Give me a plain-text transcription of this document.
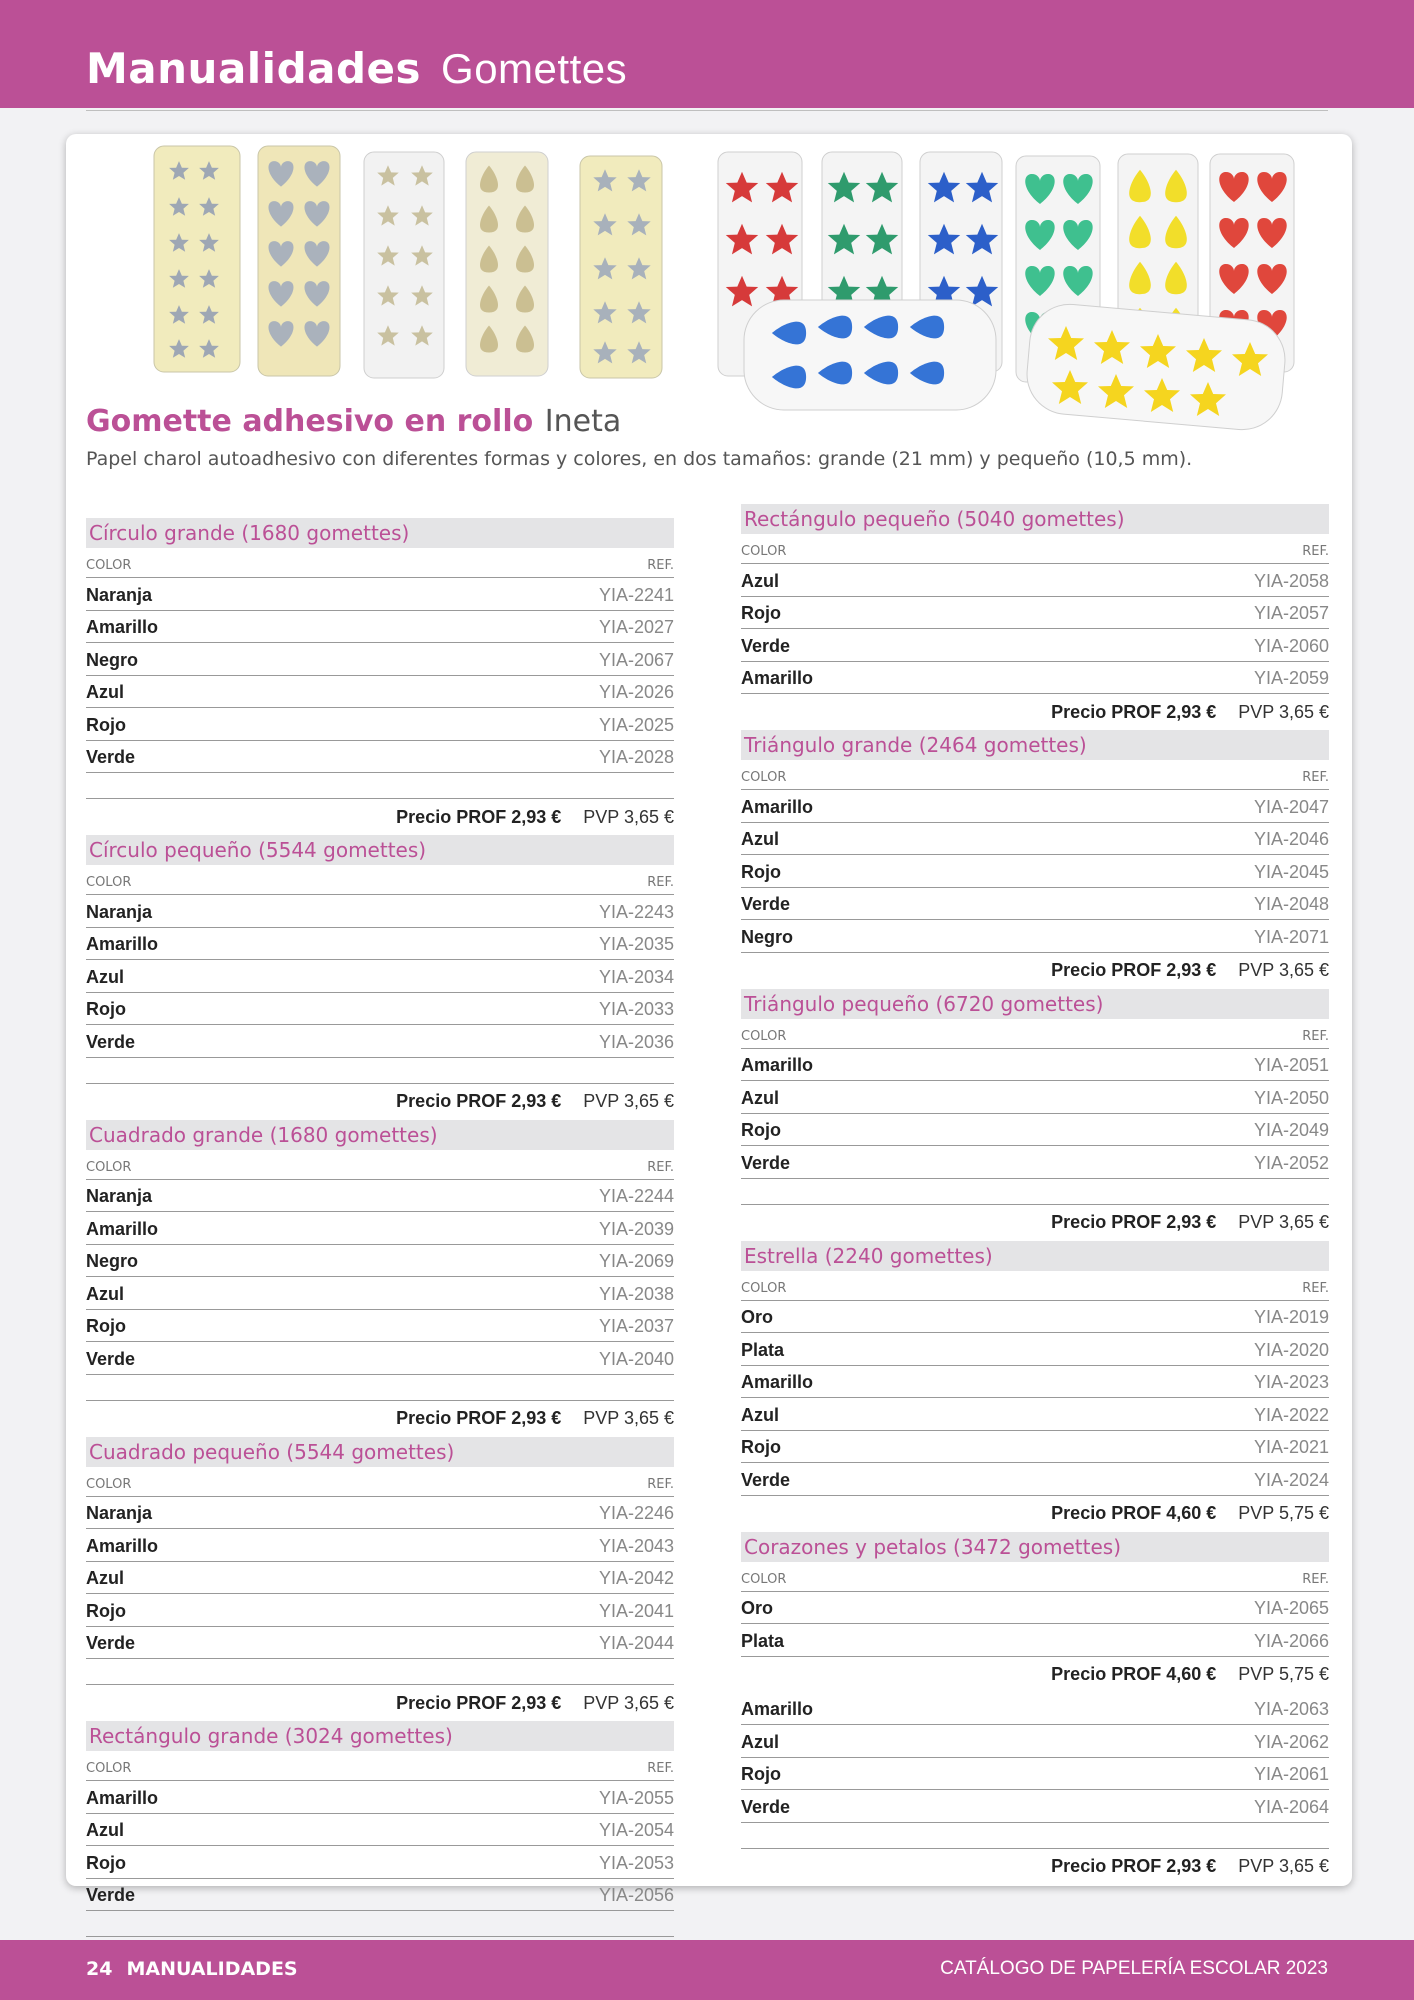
Manualidades Gomettes
Gomette adhesivo en rollo Ineta
Papel charol autoadhesivo con diferentes formas y colores, en dos tamaños: grande (21 mm) y pequeño (10,5 mm).
Círculo grande (1680 gomettes)
COLOR	REF.
Naranja	YIA-2241
Amarillo	YIA-2027
Negro	YIA-2067
Azul	YIA-2026
Rojo	YIA-2025
Verde	YIA-2028
Precio PROF 2,93 € PVP 3,65 €
Círculo pequeño (5544 gomettes)
COLOR	REF.
Naranja	YIA-2243
Amarillo	YIA-2035
Azul	YIA-2034
Rojo	YIA-2033
Verde	YIA-2036
Precio PROF 2,93 € PVP 3,65 €
Cuadrado grande (1680 gomettes)
COLOR	REF.
Naranja	YIA-2244
Amarillo	YIA-2039
Negro	YIA-2069
Azul	YIA-2038
Rojo	YIA-2037
Verde	YIA-2040
Precio PROF 2,93 € PVP 3,65 €
Cuadrado pequeño (5544 gomettes)
COLOR	REF.
Naranja	YIA-2246
Amarillo	YIA-2043
Azul	YIA-2042
Rojo	YIA-2041
Verde	YIA-2044
Precio PROF 2,93 € PVP 3,65 €
Rectángulo grande (3024 gomettes)
COLOR	REF.
Amarillo	YIA-2055
Azul	YIA-2054
Rojo	YIA-2053
Verde	YIA-2056
Rectángulo pequeño (5040 gomettes)
COLOR	REF.
Azul	YIA-2058
Rojo	YIA-2057
Verde	YIA-2060
Amarillo	YIA-2059
Precio PROF 2,93 € PVP 3,65 €
Triángulo grande (2464 gomettes)
COLOR	REF.
Amarillo	YIA-2047
Azul	YIA-2046
Rojo	YIA-2045
Verde	YIA-2048
Negro	YIA-2071
Precio PROF 2,93 € PVP 3,65 €
Triángulo pequeño (6720 gomettes)
COLOR	REF.
Amarillo	YIA-2051
Azul	YIA-2050
Rojo	YIA-2049
Verde	YIA-2052
Precio PROF 2,93 € PVP 3,65 €
Estrella (2240 gomettes)
COLOR	REF.
Oro	YIA-2019
Plata	YIA-2020
Amarillo	YIA-2023
Azul	YIA-2022
Rojo	YIA-2021
Verde	YIA-2024
Precio PROF 4,60 € PVP 5,75 €
Corazones y petalos (3472 gomettes)
COLOR	REF.
Oro	YIA-2065
Plata	YIA-2066
Precio PROF 4,60 € PVP 5,75 €
Amarillo	YIA-2063
Azul	YIA-2062
Rojo	YIA-2061
Verde	YIA-2064
Precio PROF 2,93 € PVP 3,65 €
24 MANUALIDADES	CATÁLOGO DE PAPELERÍA ESCOLAR 2023
